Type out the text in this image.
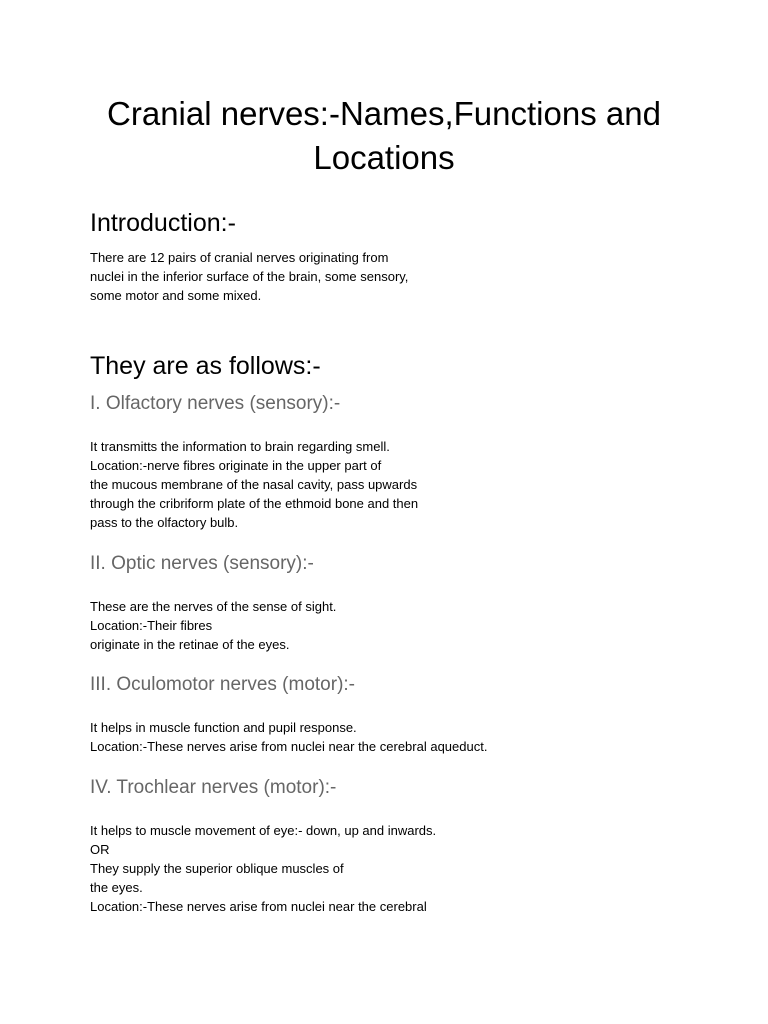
Cranial nerves:-Names,Functions and
Locations
Introduction:-

There are 12 pairs of cranial nerves originating from
nuclei in the inferior surface of the brain, some sensory,
some motor and some mixed.

They are as follows:-
I. Olfactory nerves (sensory):-

It transmitts the information to brain regarding smell.
Location:-nerve fibres originate in the upper part of
the mucous membrane of the nasal cavity, pass upwards
through the cribriform plate of the ethmoid bone and then
pass to the olfactory bulb.

II. Optic nerves (sensory):-

These are the nerves of the sense of sight.
Location:-Their fibres
originate in the retinae of the eyes.

III. Oculomotor nerves (motor):-

It helps in muscle function and pupil response.
Location:-These nerves arise from nuclei near the cerebral aqueduct.

IV. Trochlear nerves (motor):-

It helps to muscle movement of eye:- down, up and inwards.
OR
They supply the superior oblique muscles of
the eyes.
Location:-These nerves arise from nuclei near the cerebral
